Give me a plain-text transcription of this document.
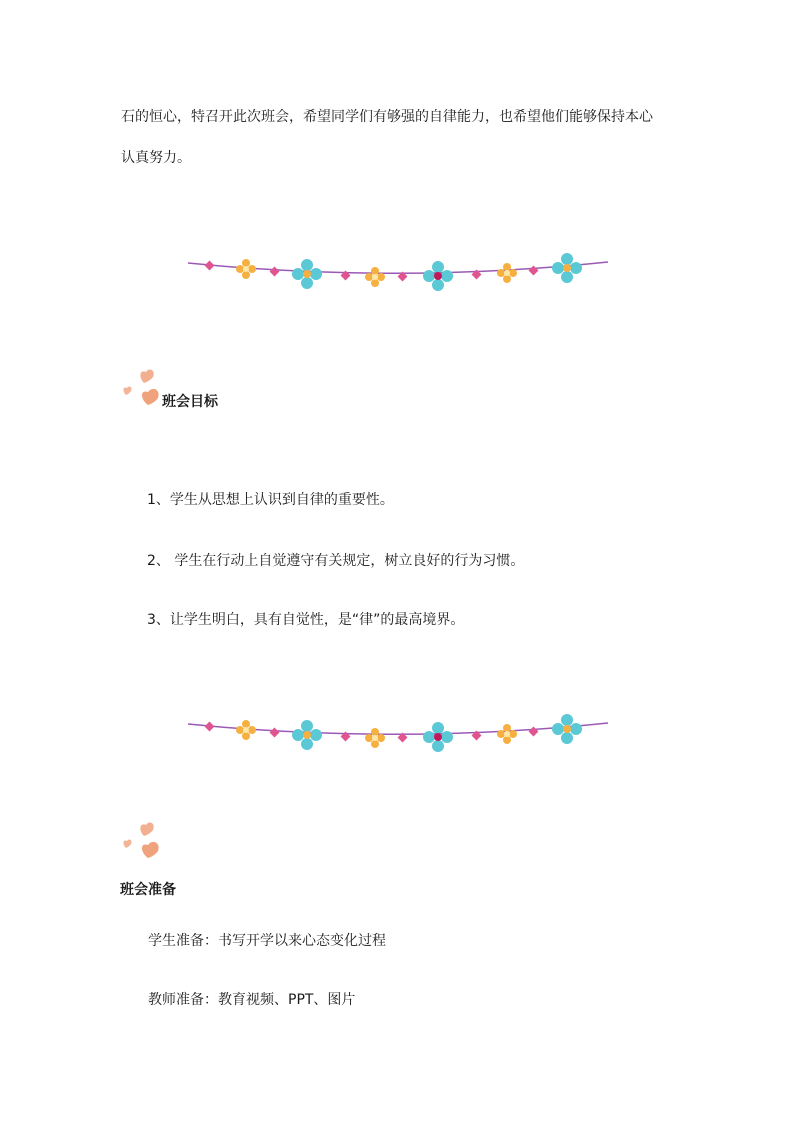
石的恒心，特召开此次班会，希望同学们有够强的自律能力，也希望他们能够保持本心
认真努力。
班会目标
1、学生从思想上认识到自律的重要性。
2、 学生在行动上自觉遵守有关规定，树立良好的行为习惯。
3、让学生明白，具有自觉性，是“律”的最高境界。
班会准备
学生准备：书写开学以来心态变化过程
教师准备：教育视频、PPT、图片
